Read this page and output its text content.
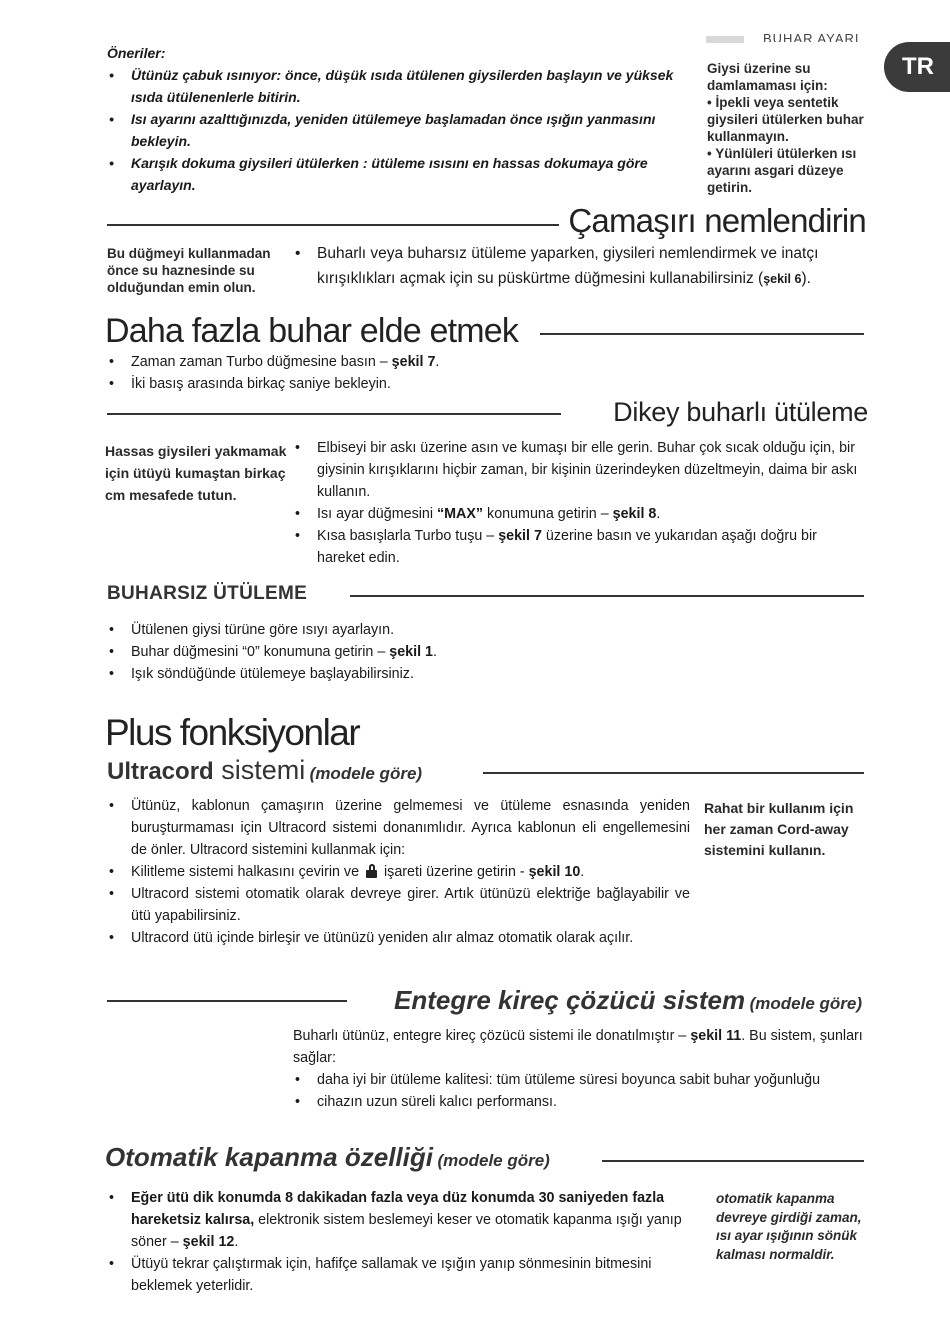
BUHAR AYARI
TR
Öneriler:
• Ütünüz çabuk ısınıyor: önce, düşük ısıda ütülenen giysilerden başlayın ve yüksek ısıda ütülenenlerle bitirin.
• Isı ayarını azalttığınızda, yeniden ütülemeye başlamadan önce ışığın yanmasını bekleyin.
• Karışık dokuma giysileri ütülerken : ütüleme ısısını en hassas dokumaya göre ayarlayın.
Giysi üzerine su damlamaması için:
• İpekli veya sentetik giysileri ütülerken buhar kullanmayın.
• Yünlüleri ütülerken ısı ayarını asgari düzeye getirin.
Çamaşırı nemlendirin
Bu düğmeyi kullanmadan önce su haznesinde su olduğundan emin olun.
• Buharlı veya buharsız ütüleme yaparken, giysileri nemlendirmek ve inatçı kırışıklıkları açmak için su püskürtme düğmesini kullanabilirsiniz (şekil 6).
Daha fazla buhar elde etmek
• Zaman zaman Turbo düğmesine basın – şekil 7.
• İki basış arasında birkaç saniye bekleyin.
Dikey buharlı ütüleme
Hassas giysileri yakmamak için ütüyü kumaştan birkaç cm mesafede tutun.
• Elbiseyi bir askı üzerine asın ve kumaşı bir elle gerin. Buhar çok sıcak olduğu için, bir giysinin kırışıklarını hiçbir zaman, bir kişinin üzerindeyken düzeltmeyin, daima bir askı kullanın.
• Isı ayar düğmesini “MAX” konumuna getirin – şekil 8.
• Kısa basışlarla Turbo tuşu – şekil 7 üzerine basın ve yukarıdan aşağı doğru bir hareket edin.
BUHARSIZ ÜTÜLEME
• Ütülenen giysi türüne göre ısıyı ayarlayın.
• Buhar düğmesini “0” konumuna getirin – şekil 1.
• Işık söndüğünde ütülemeye başlayabilirsiniz.
Plus fonksiyonlar
Ultracord sistemi (modele göre)
Rahat bir kullanım için her zaman Cord-away sistemini kullanın.
• Ütünüz, kablonun çamaşırın üzerine gelmemesi ve ütüleme esnasında yeniden buruşturmaması için Ultracord sistemi donanımlıdır. Ayrıca kablonun eli engellemesini de önler. Ultracord sistemini kullanmak için:
• Kilitleme sistemi halkasını çevirin ve
işareti üzerine getirin - şekil 10.
• Ultracord sistemi otomatik olarak devreye girer. Artık ütünüzü elektriğe bağlayabilir ve ütü yapabilirsiniz.
• Ultracord ütü içinde birleşir ve ütünüzü yeniden alır almaz otomatik olarak açılır.
Entegre kireç çözücü sistem (modele göre)
Buharlı ütünüz, entegre kireç çözücü sistemi ile donatılmıştır – şekil 11. Bu sistem, şunları sağlar:
• daha iyi bir ütüleme kalitesi: tüm ütüleme süresi boyunca sabit buhar yoğunluğu
• cihazın uzun süreli kalıcı performansı.
Otomatik kapanma özelliği (modele göre)
otomatik kapanma devreye girdiği zaman, ısı ayar ışığının sönük kalması normaldir.
• Eğer ütü dik konumda 8 dakikadan fazla veya düz konumda 30 saniyeden fazla hareketsiz kalırsa, elektronik sistem beslemeyi keser ve otomatik kapanma ışığı yanıp söner – şekil 12.
• Ütüyü tekrar çalıştırmak için, hafifçe sallamak ve ışığın yanıp sönmesinin bitmesini beklemek yeterlidir.
